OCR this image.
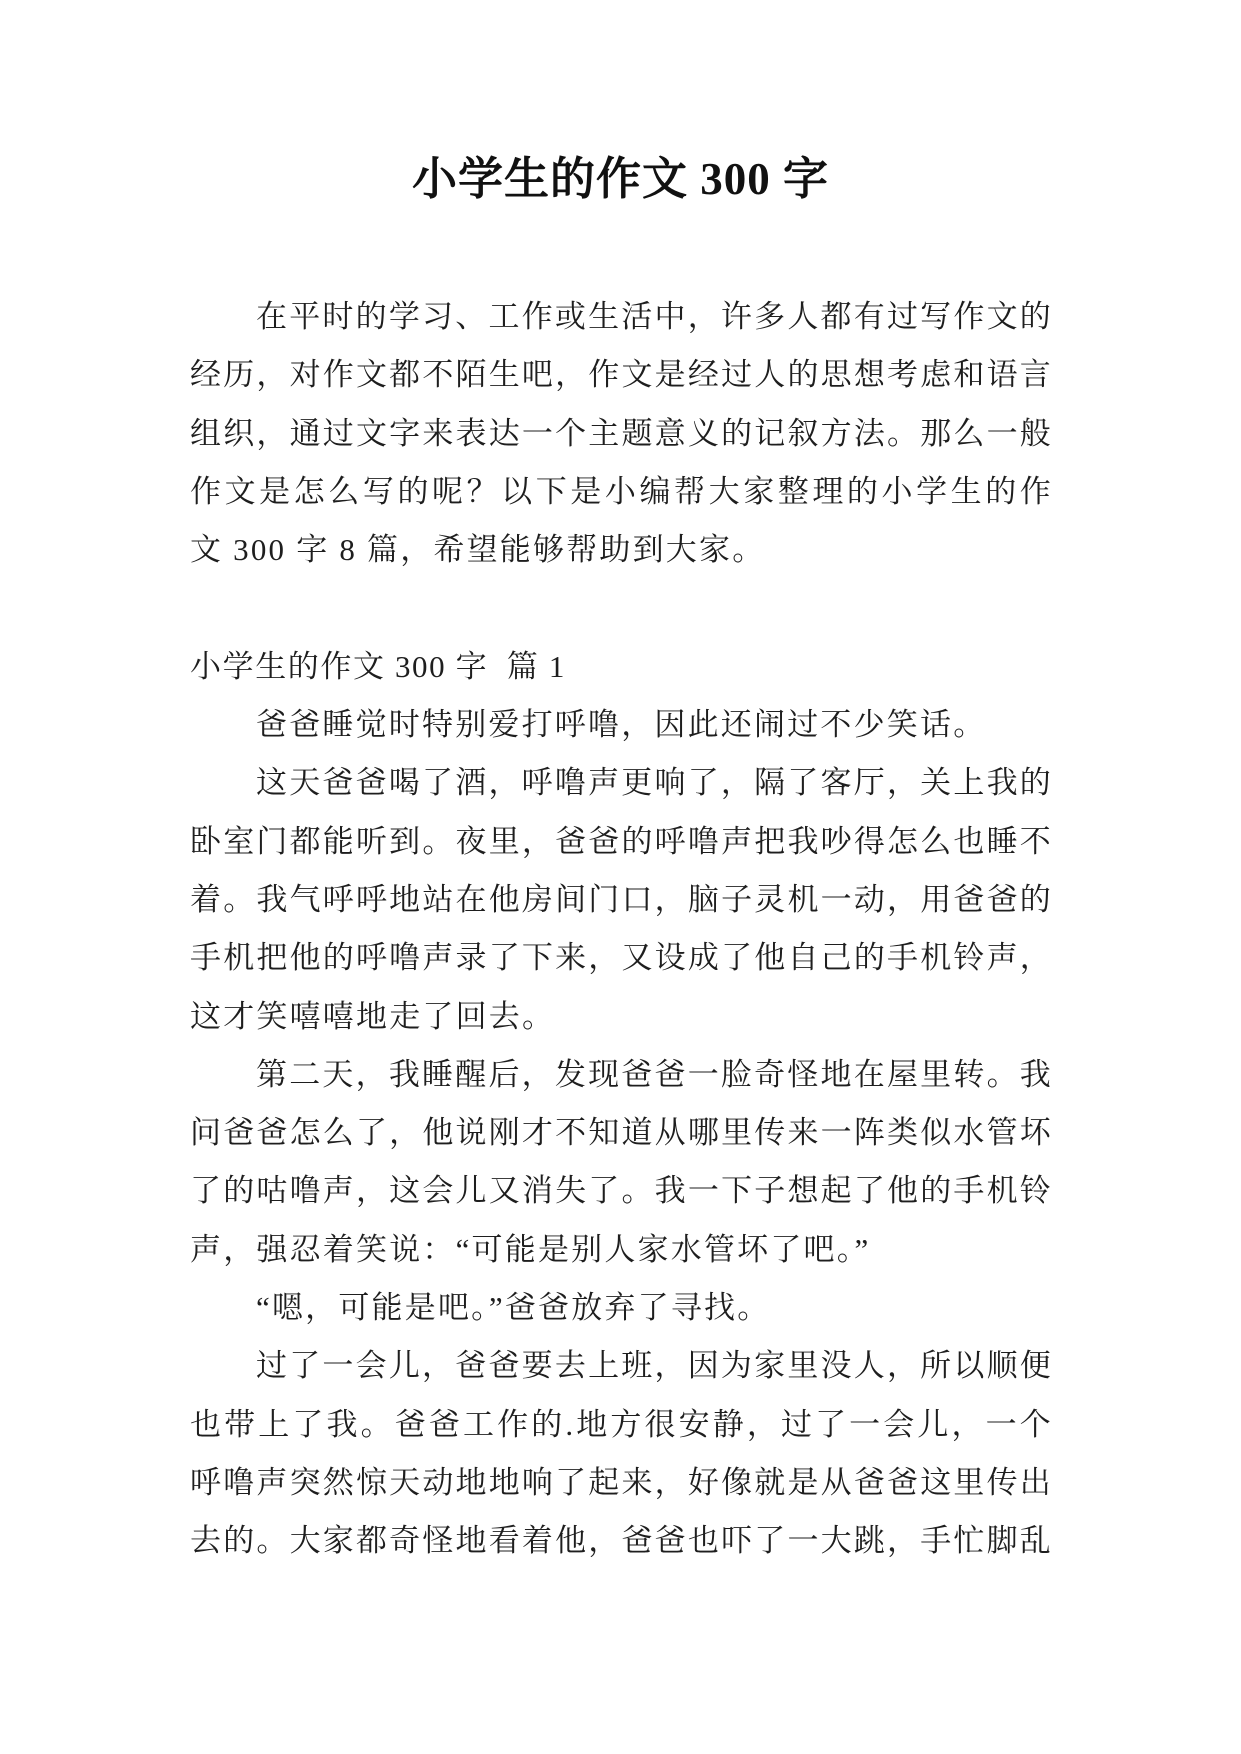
小学生的作文 300 字
在平时的学习、工作或生活中，许多人都有过写作文的
经历，对作文都不陌生吧，作文是经过人的思想考虑和语言
组织，通过文字来表达一个主题意义的记叙方法。那么一般
作文是怎么写的呢？以下是小编帮大家整理的小学生的作
文 300 字 8 篇，希望能够帮助到大家。
小学生的作文 300 字  篇 1
爸爸睡觉时特别爱打呼噜，因此还闹过不少笑话。
这天爸爸喝了酒，呼噜声更响了，隔了客厅，关上我的
卧室门都能听到。夜里，爸爸的呼噜声把我吵得怎么也睡不
着。我气呼呼地站在他房间门口，脑子灵机一动，用爸爸的
手机把他的呼噜声录了下来，又设成了他自己的手机铃声，
这才笑嘻嘻地走了回去。
第二天，我睡醒后，发现爸爸一脸奇怪地在屋里转。我
问爸爸怎么了，他说刚才不知道从哪里传来一阵类似水管坏
了的咕噜声，这会儿又消失了。我一下子想起了他的手机铃
声，强忍着笑说：“可能是别人家水管坏了吧。”
“嗯，可能是吧。”爸爸放弃了寻找。
过了一会儿，爸爸要去上班，因为家里没人，所以顺便
也带上了我。爸爸工作的.地方很安静，过了一会儿，一个
呼噜声突然惊天动地地响了起来，好像就是从爸爸这里传出
去的。大家都奇怪地看着他，爸爸也吓了一大跳，手忙脚乱
